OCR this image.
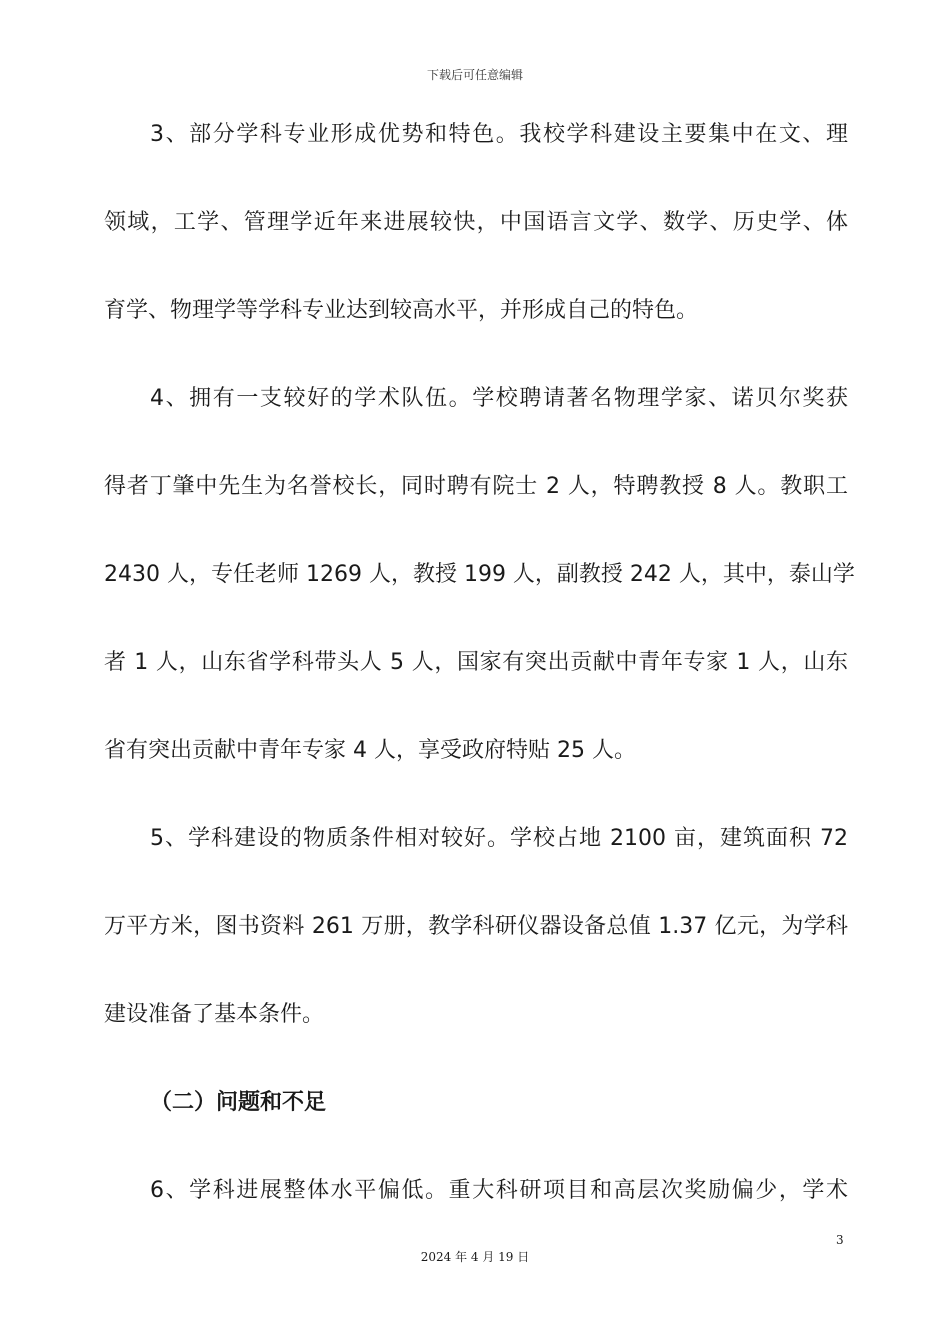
下载后可任意编辑
3、部分学科专业形成优势和特色。我校学科建设主要集中在文、理
领域，工学、管理学近年来进展较快，中国语言文学、数学、历史学、体
育学、物理学等学科专业达到较高水平，并形成自己的特色。
4、拥有一支较好的学术队伍。学校聘请著名物理学家、诺贝尔奖获
得者丁肇中先生为名誉校长，同时聘有院士 2 人，特聘教授 8 人。教职工
2430 人，专任老师 1269 人，教授 199 人，副教授 242 人，其中，泰山学
者 1 人，山东省学科带头人 5 人，国家有突出贡献中青年专家 1 人，山东
省有突出贡献中青年专家 4 人，享受政府特贴 25 人。
5、学科建设的物质条件相对较好。学校占地 2100 亩，建筑面积 72
万平方米，图书资料 261 万册，教学科研仪器设备总值 1.37 亿元，为学科
建设准备了基本条件。
（二）问题和不足
6、学科进展整体水平偏低。重大科研项目和高层次奖励偏少，学术
3
2024 年 4 月 19 日
